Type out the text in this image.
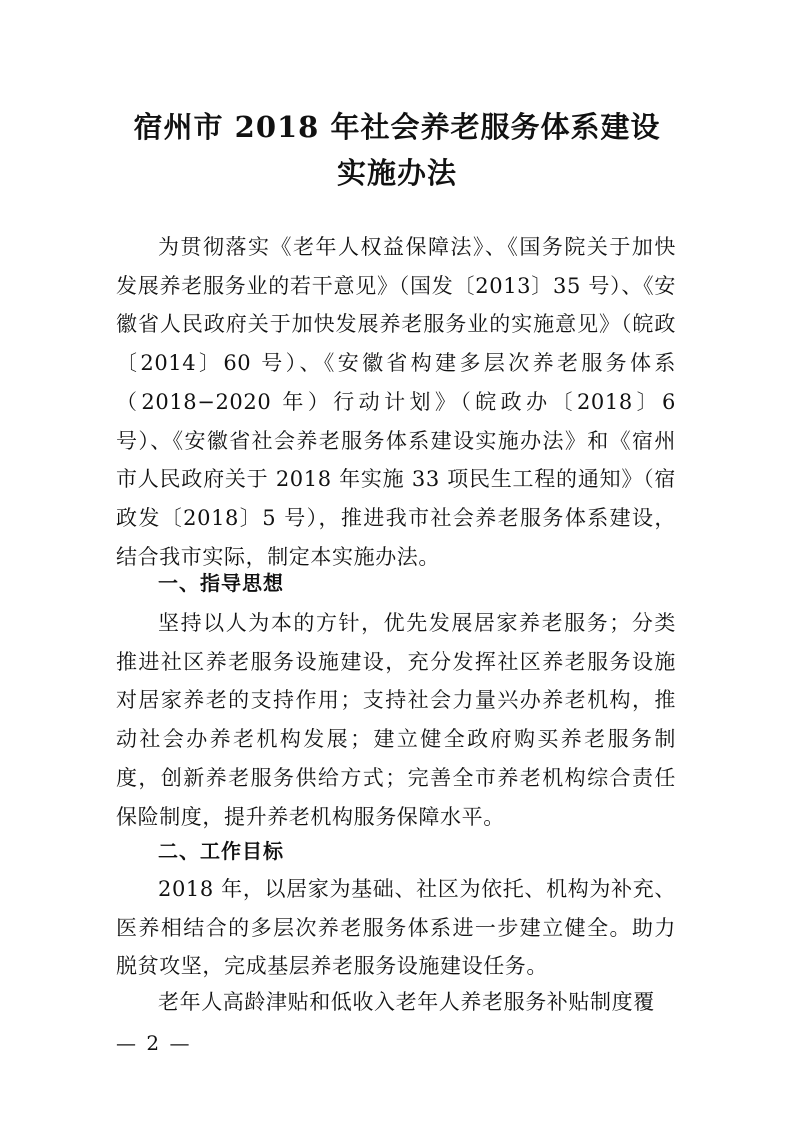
宿州市 2018 年社会养老服务体系建设
实施办法
为贯彻落实《老年人权益保障法》、《国务院关于加快发展养老服务业的若干意见》（国发〔2013〕35 号）、《安徽省人民政府关于加快发展养老服务业的实施意见》（皖政〔2014〕60 号）、《安徽省构建多层次养老服务体系（2018−2020 年）行动计划》（皖政办〔2018〕6 号）、《安徽省社会养老服务体系建设实施办法》和《宿州市人民政府关于 2018 年实施 33 项民生工程的通知》（宿政发〔2018〕5 号），推进我市社会养老服务体系建设，结合我市实际，制定本实施办法。
一、指导思想
坚持以人为本的方针，优先发展居家养老服务；分类推进社区养老服务设施建设，充分发挥社区养老服务设施对居家养老的支持作用；支持社会力量兴办养老机构，推动社会办养老机构发展；建立健全政府购买养老服务制度，创新养老服务供给方式；完善全市养老机构综合责任保险制度，提升养老机构服务保障水平。
二、工作目标
2018 年，以居家为基础、社区为依托、机构为补充、医养相结合的多层次养老服务体系进一步建立健全。助力脱贫攻坚，完成基层养老服务设施建设任务。
老年人高龄津贴和低收入老年人养老服务补贴制度覆
— 2 —
